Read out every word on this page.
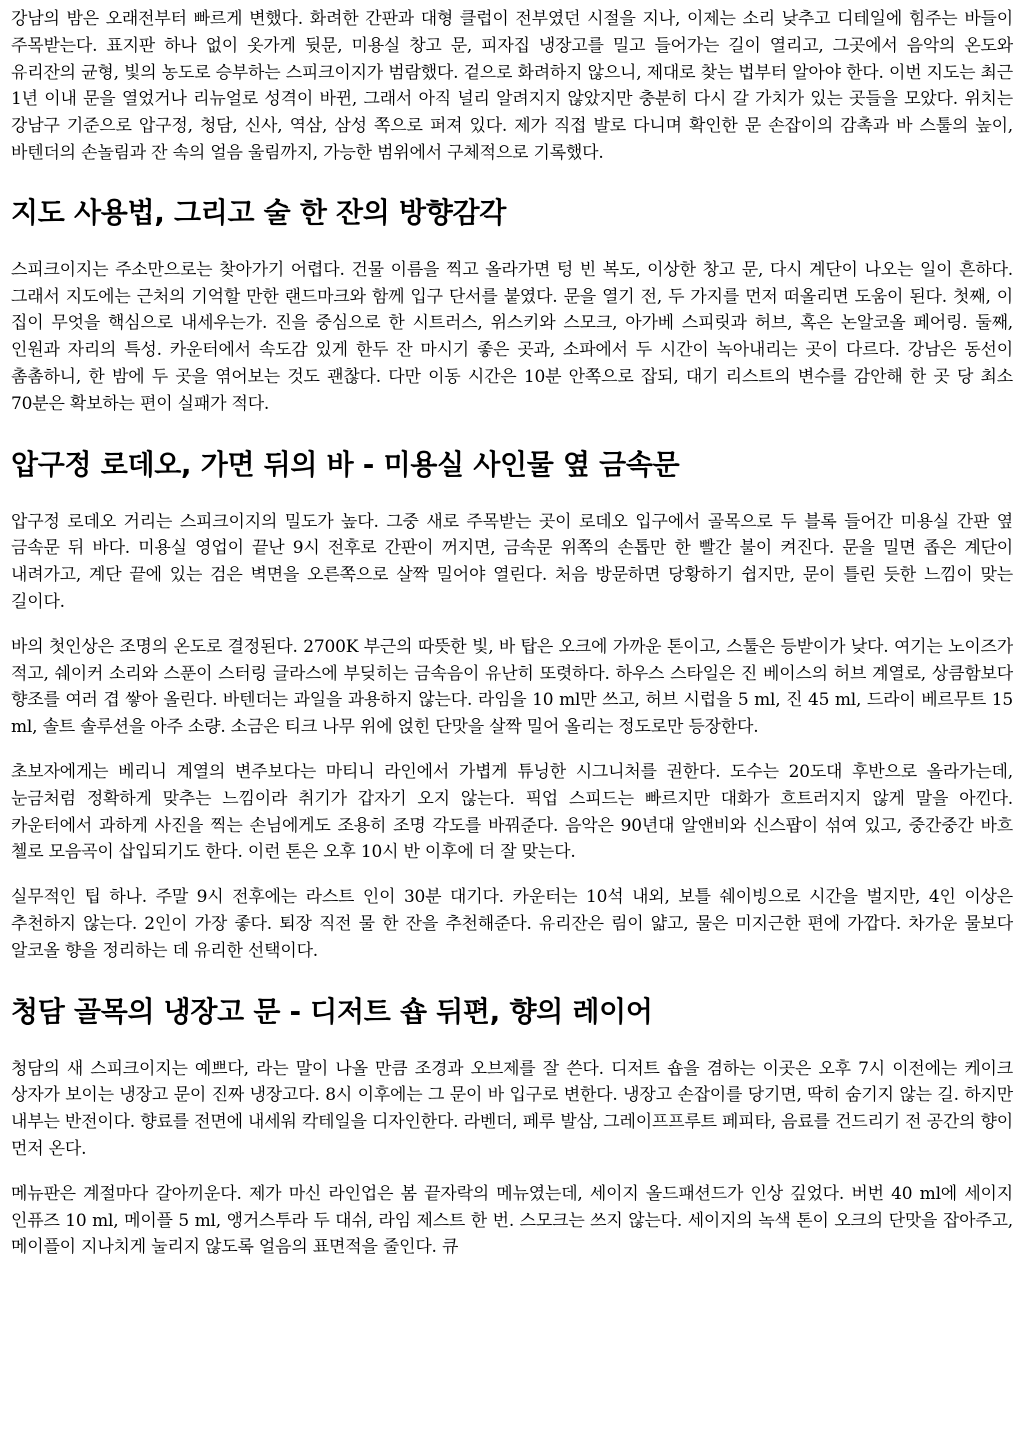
강남의 밤은 오래전부터 빠르게 변했다. 화려한 간판과 대형 클럽이 전부였던 시절을 지나, 이제는 소리 낮추고 디테일에 힘주는 바들이 주목받는다. 표지판 하나 없이 옷가게 뒷문, 미용실 창고 문, 피자집 냉장고를 밀고 들어가는 길이 열리고, 그곳에서 음악의 온도와 유리잔의 균형, 빛의 농도로 승부하는 스피크이지가 범람했다. 겉으로 화려하지 않으니, 제대로 찾는 법부터 알아야 한다. 이번 지도는 최근 1년 이내 문을 열었거나 리뉴얼로 성격이 바뀐, 그래서 아직 널리 알려지지 않았지만 충분히 다시 갈 가치가 있는 곳들을 모았다. 위치는 강남구 기준으로 압구정, 청담, 신사, 역삼, 삼성 쪽으로 퍼져 있다. 제가 직접 발로 다니며 확인한 문 손잡이의 감촉과 바 스툴의 높이, 바텐더의 손놀림과 잔 속의 얼음 울림까지, 가능한 범위에서 구체적으로 기록했다.

지도 사용법, 그리고 술 한 잔의 방향감각

스피크이지는 주소만으로는 찾아가기 어렵다. 건물 이름을 찍고 올라가면 텅 빈 복도, 이상한 창고 문, 다시 계단이 나오는 일이 흔하다. 그래서 지도에는 근처의 기억할 만한 랜드마크와 함께 입구 단서를 붙였다. 문을 열기 전, 두 가지를 먼저 떠올리면 도움이 된다. 첫째, 이 집이 무엇을 핵심으로 내세우는가. 진을 중심으로 한 시트러스, 위스키와 스모크, 아가베 스피릿과 허브, 혹은 논알코올 페어링. 둘째, 인원과 자리의 특성. 카운터에서 속도감 있게 한두 잔 마시기 좋은 곳과, 소파에서 두 시간이 녹아내리는 곳이 다르다. 강남은 동선이 촘촘하니, 한 밤에 두 곳을 엮어보는 것도 괜찮다. 다만 이동 시간은 10분 안쪽으로 잡되, 대기 리스트의 변수를 감안해 한 곳 당 최소 70분은 확보하는 편이 실패가 적다.

압구정 로데오, 가면 뒤의 바 - 미용실 사인물 옆 금속문

압구정 로데오 거리는 스피크이지의 밀도가 높다. 그중 새로 주목받는 곳이 로데오 입구에서 골목으로 두 블록 들어간 미용실 간판 옆 금속문 뒤 바다. 미용실 영업이 끝난 9시 전후로 간판이 꺼지면, 금속문 위쪽의 손톱만 한 빨간 불이 켜진다. 문을 밀면 좁은 계단이 내려가고, 계단 끝에 있는 검은 벽면을 오른쪽으로 살짝 밀어야 열린다. 처음 방문하면 당황하기 쉽지만, 문이 틀린 듯한 느낌이 맞는 길이다.

바의 첫인상은 조명의 온도로 결정된다. 2700K 부근의 따뜻한 빛, 바 탑은 오크에 가까운 톤이고, 스툴은 등받이가 낮다. 여기는 노이즈가 적고, 쉐이커 소리와 스푼이 스터링 글라스에 부딪히는 금속음이 유난히 또렷하다. 하우스 스타일은 진 베이스의 허브 계열로, 상큼함보다 향조를 여러 겹 쌓아 올린다. 바텐더는 과일을 과용하지 않는다. 라임을 10 ml만 쓰고, 허브 시럽을 5 ml, 진 45 ml, 드라이 베르무트 15 ml, 솔트 솔루션을 아주 소량. 소금은 티크 나무 위에 얹힌 단맛을 살짝 밀어 올리는 정도로만 등장한다.

초보자에게는 베리니 계열의 변주보다는 마티니 라인에서 가볍게 튜닝한 시그니처를 권한다. 도수는 20도대 후반으로 올라가는데, 눈금처럼 정확하게 맞추는 느낌이라 취기가 갑자기 오지 않는다. 픽업 스피드는 빠르지만 대화가 흐트러지지 않게 말을 아낀다. 카운터에서 과하게 사진을 찍는 손님에게도 조용히 조명 각도를 바꿔준다. 음악은 90년대 알앤비와 신스팝이 섞여 있고, 중간중간 바흐 첼로 모음곡이 삽입되기도 한다. 이런 톤은 오후 10시 반 이후에 더 잘 맞는다.

실무적인 팁 하나. 주말 9시 전후에는 라스트 인이 30분 대기다. 카운터는 10석 내외, 보틀 쉐이빙으로 시간을 벌지만, 4인 이상은 추천하지 않는다. 2인이 가장 좋다. 퇴장 직전 물 한 잔을 추천해준다. 유리잔은 림이 얇고, 물은 미지근한 편에 가깝다. 차가운 물보다 알코올 향을 정리하는 데 유리한 선택이다.

청담 골목의 냉장고 문 - 디저트 숍 뒤편, 향의 레이어

청담의 새 스피크이지는 예쁘다, 라는 말이 나올 만큼 조경과 오브제를 잘 쓴다. 디저트 숍을 겸하는 이곳은 오후 7시 이전에는 케이크 상자가 보이는 냉장고 문이 진짜 냉장고다. 8시 이후에는 그 문이 바 입구로 변한다. 냉장고 손잡이를 당기면, 딱히 숨기지 않는 길. 하지만 내부는 반전이다. 향료를 전면에 내세워 칵테일을 디자인한다. 라벤더, 페루 발삼, 그레이프프루트 페피타, 음료를 건드리기 전 공간의 향이 먼저 온다.

메뉴판은 계절마다 갈아끼운다. 제가 마신 라인업은 봄 끝자락의 메뉴였는데, 세이지 올드패션드가 인상 깊었다. 버번 40 ml에 세이지 인퓨즈 10 ml, 메이플 5 ml, 앵거스투라 두 대쉬, 라임 제스트 한 번. 스모크는 쓰지 않는다. 세이지의 녹색 톤이 오크의 단맛을 잡아주고, 메이플이 지나치게 눌리지 않도록 얼음의 표면적을 줄인다. 큐
